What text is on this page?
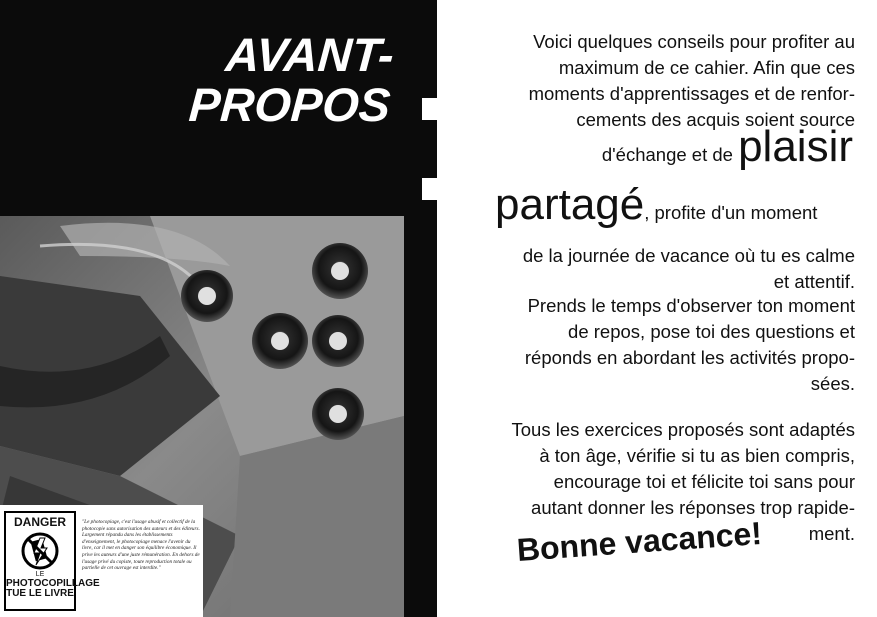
AVANT-
PROPOS
DANGER
LE
PHOTOCOPILLAGE
TUE LE LIVRE
"Le photocopiage, c'est l'usage abusif et collectif de la photocopie sans autorisation des auteurs et des éditeurs. Largement répandu dans les établissements d'enseignement, le photocopiage menace l'avenir du livre, car il met en danger son équilibre économique. Il prive les auteurs d'une juste rémunération. En dehors de l'usage privé du copiste, toute reproduction totale ou partielle de cet ouvrage est interdite."
Voici quelques conseils pour profiter au
maximum de ce cahier. Afin que ces
moments d'apprentissages et de renfor-
cements des acquis soient source
d'échange et de plaisir
partagé, profite d'un moment
de la journée de vacance où tu es calme
et attentif.
Prends le temps d'observer ton moment
de repos, pose toi des questions et
réponds en abordant les activités propo-
sées.
Tous les exercices proposés sont adaptés
à ton âge, vérifie si tu as bien compris,
encourage toi et félicite toi sans pour
autant donner les réponses trop rapide-
ment.
Bonne vacance!
